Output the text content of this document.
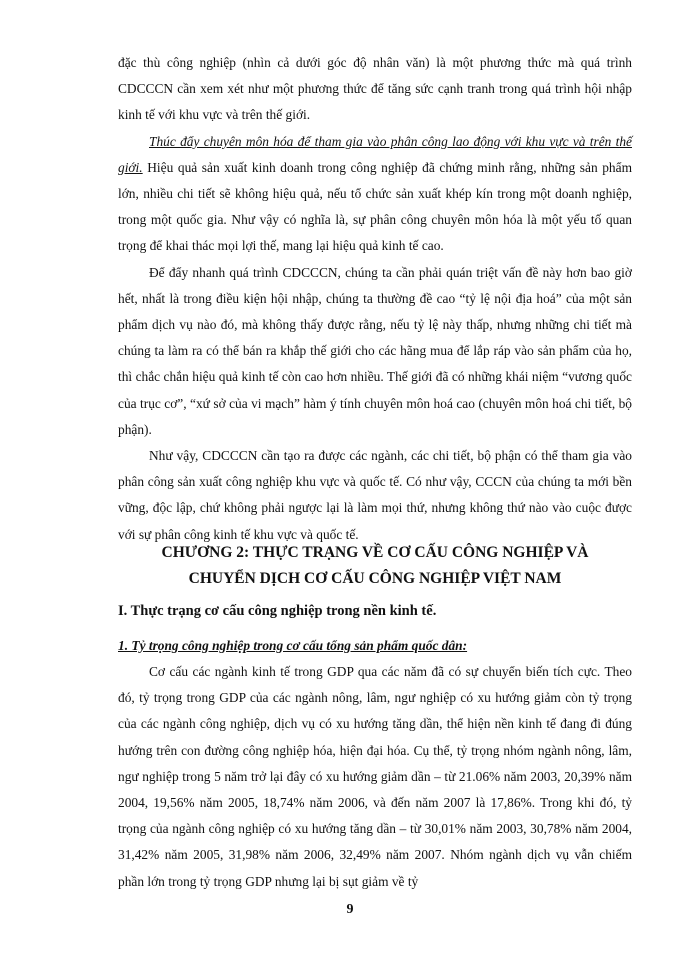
đặc thù công nghiệp (nhìn cả dưới góc độ nhân văn) là một phương thức mà quá trình CDCCCN cần xem xét như một phương thức để tăng sức cạnh tranh trong quá trình hội nhập kinh tế với khu vực và trên thế giới.

Thúc đẩy chuyên môn hóa để tham gia vào phân công lao động với khu vực và trên thế giới. Hiệu quả sản xuất kinh doanh trong công nghiệp đã chứng minh rằng, những sản phẩm lớn, nhiều chi tiết sẽ không hiệu quả, nếu tổ chức sản xuất khép kín trong một doanh nghiệp, trong một quốc gia. Như vậy có nghĩa là, sự phân công chuyên môn hóa là một yếu tố quan trọng để khai thác mọi lợi thế, mang lại hiệu quả kinh tế cao.

Để đẩy nhanh quá trình CDCCCN, chúng ta cần phải quán triệt vấn đề này hơn bao giờ hết, nhất là trong điều kiện hội nhập, chúng ta thường đề cao “tỷ lệ nội địa hoá” của một sản phẩm dịch vụ nào đó, mà không thấy được rằng, nếu tỷ lệ này thấp, nhưng những chi tiết mà chúng ta làm ra có thể bán ra khắp thế giới cho các hãng mua để lắp ráp vào sản phẩm của họ, thì chắc chắn hiệu quả kinh tế còn cao hơn nhiều. Thế giới đã có những khái niệm “vương quốc của trục cơ”, “xứ sở của vi mạch” hàm ý tính chuyên môn hoá cao (chuyên môn hoá chi tiết, bộ phận).

Như vậy, CDCCCN cần tạo ra được các ngành, các chi tiết, bộ phận có thể tham gia vào phân công sản xuất công nghiệp khu vực và quốc tế. Có như vậy, CCCN của chúng ta mới bền vững, độc lập, chứ không phải ngược lại là làm mọi thứ, nhưng không thứ nào vào cuộc được với sự phân công kinh tế khu vực và quốc tế.

CHƯƠNG 2: THỰC TRẠNG VỀ CƠ CẤU CÔNG NGHIỆP VÀ
CHUYỂN DỊCH CƠ CẤU CÔNG NGHIỆP VIỆT NAM
I. Thực trạng cơ cấu công nghiệp trong nền kinh tế.
1. Tỷ trọng công nghiệp trong cơ cấu tổng sản phẩm quốc dân:

Cơ cấu các ngành kinh tế trong GDP qua các năm đã có sự chuyển biến tích cực. Theo đó, tỷ trọng trong GDP của các ngành nông, lâm, ngư nghiệp có xu hướng giảm còn tỷ trọng của các ngành công nghiệp, dịch vụ có xu hướng tăng dần, thể hiện nền kinh tế đang đi đúng hướng trên con đường công nghiệp hóa, hiện đại hóa. Cụ thể, tỷ trọng nhóm ngành nông, lâm, ngư nghiệp trong 5 năm trở lại đây có xu hướng giảm dần – từ 21.06% năm 2003, 20,39% năm 2004, 19,56% năm 2005, 18,74% năm 2006, và đến năm 2007 là 17,86%. Trong khi đó, tỷ trọng của ngành công nghiệp có xu hướng tăng dần – từ 30,01% năm 2003, 30,78% năm 2004, 31,42% năm 2005, 31,98% năm 2006, 32,49% năm 2007. Nhóm ngành dịch vụ vẫn chiếm phần lớn trong tỷ trọng GDP nhưng lại bị sụt giảm về tỷ

9
